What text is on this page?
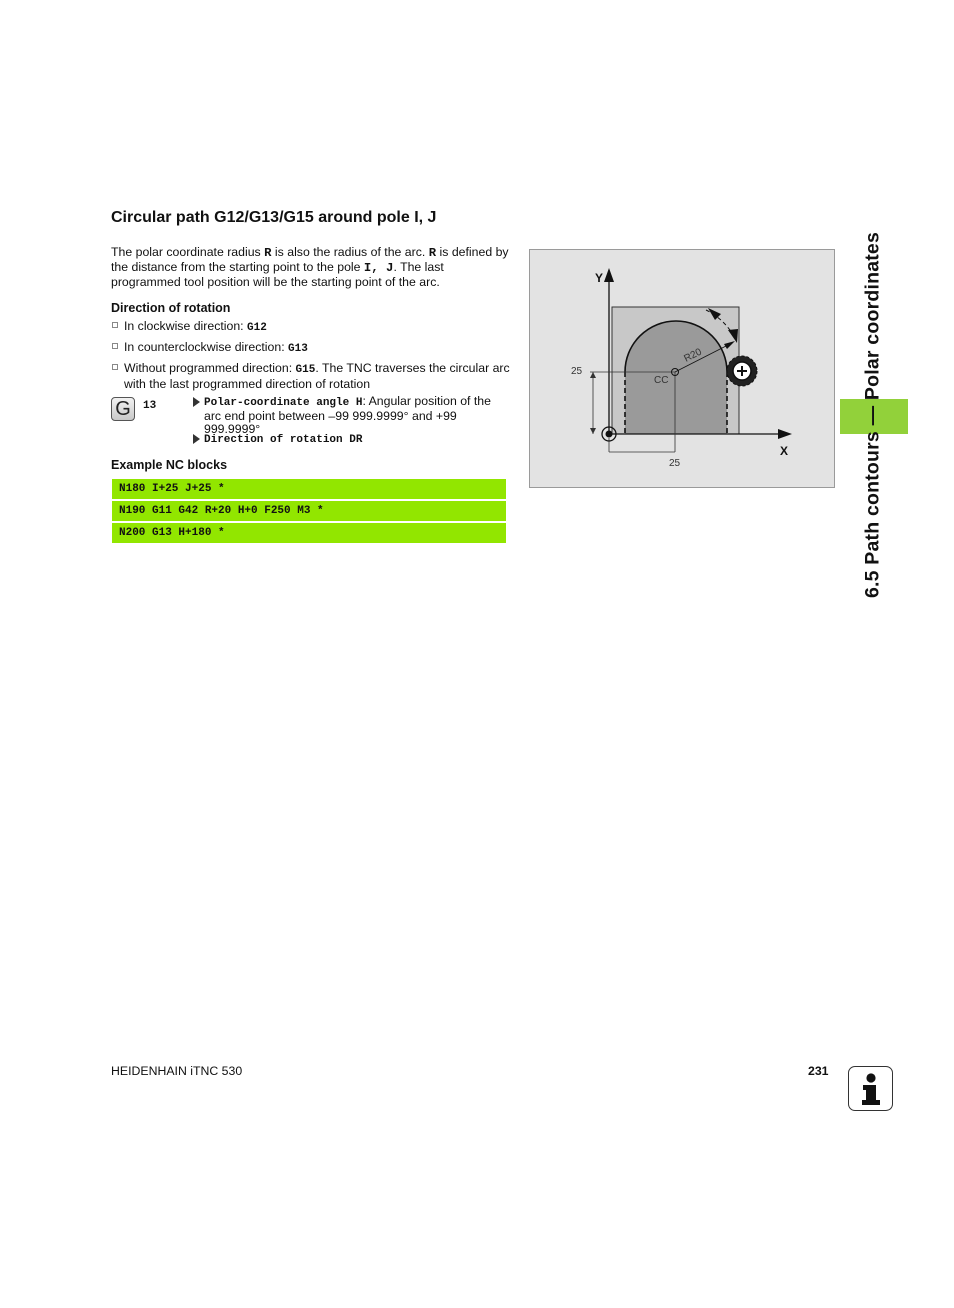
Circular path G12/G13/G15 around pole I, J

The polar coordinate radius R is also the radius of the arc. R is defined by the distance from the starting point to the pole I, J. The last programmed tool position will be the starting point of the arc.

Direction of rotation
In clockwise direction: G12
In counterclockwise direction: G13
Without programmed direction: G15. The TNC traverses the circular arc with the last programmed direction of rotation
G	13	Polar-coordinate angle H: Angular position of the arc end point between –99 999.9999° and +99 999.9999°
Direction of rotation DR
Example NC blocks
N180 I+25 J+25 *
N190 G11 G42 R+20 H+0 F250 M3 *
N200 G13 H+180 *
Y
X
25
25
CC
R20	6.5 Path contours — Polar coordinates
HEIDENHAIN iTNC 530	231
